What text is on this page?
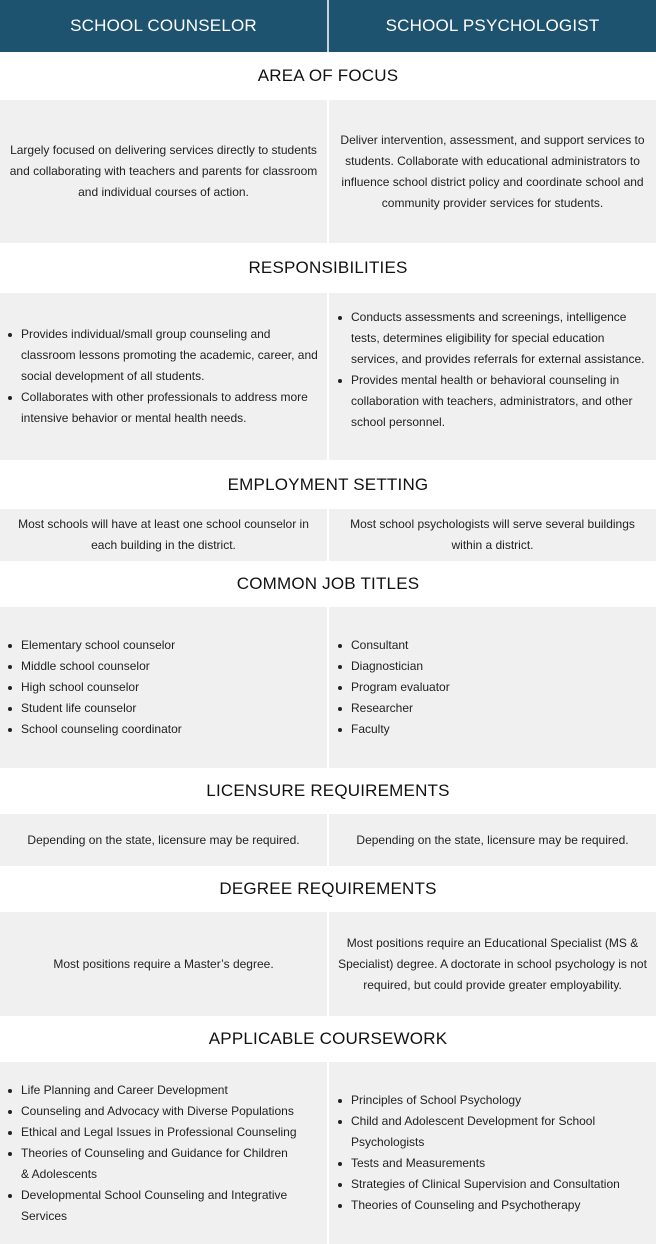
SCHOOL COUNSELOR	SCHOOL PSYCHOLOGIST
AREA OF FOCUS

Largely focused on delivering services directly to students and collaborating with teachers and parents for classroom and individual courses of action.

Deliver intervention, assessment, and support services to students. Collaborate with educational administrators to influence school district policy and coordinate school and community provider services for students.

RESPONSIBILITIES
Provides individual/small group counseling and classroom lessons promoting the academic, career, and social development of all students.
Collaborates with other professionals to address more intensive behavior or mental health needs.
Conducts assessments and screenings, intelligence tests, determines eligibility for special education services, and provides referrals for external assistance.
Provides mental health or behavioral counseling in collaboration with teachers, administrators, and other school personnel.
EMPLOYMENT SETTING

Most schools will have at least one school counselor in each building in the district.

Most school psychologists will serve several buildings within a district.

COMMON JOB TITLES
Elementary school counselor
Middle school counselor
High school counselor
Student life counselor
School counseling coordinator
Consultant
Diagnostician
Program evaluator
Researcher
Faculty
LICENSURE REQUIREMENTS

Depending on the state, licensure may be required.	Depending on the state, licensure may be required.

DEGREE REQUIREMENTS

Most positions require a Master’s degree.

Most positions require an Educational Specialist (MS & Specialist) degree. A doctorate in school psychology is not required, but could provide greater employability.

APPLICABLE COURSEWORK
Life Planning and Career Development
Counseling and Advocacy with Diverse Populations
Ethical and Legal Issues in Professional Counseling
Theories of Counseling and Guidance for Children & Adolescents
Developmental School Counseling and Integrative Services
Principles of School Psychology
Child and Adolescent Development for School Psychologists
Tests and Measurements
Strategies of Clinical Supervision and Consultation
Theories of Counseling and Psychotherapy
